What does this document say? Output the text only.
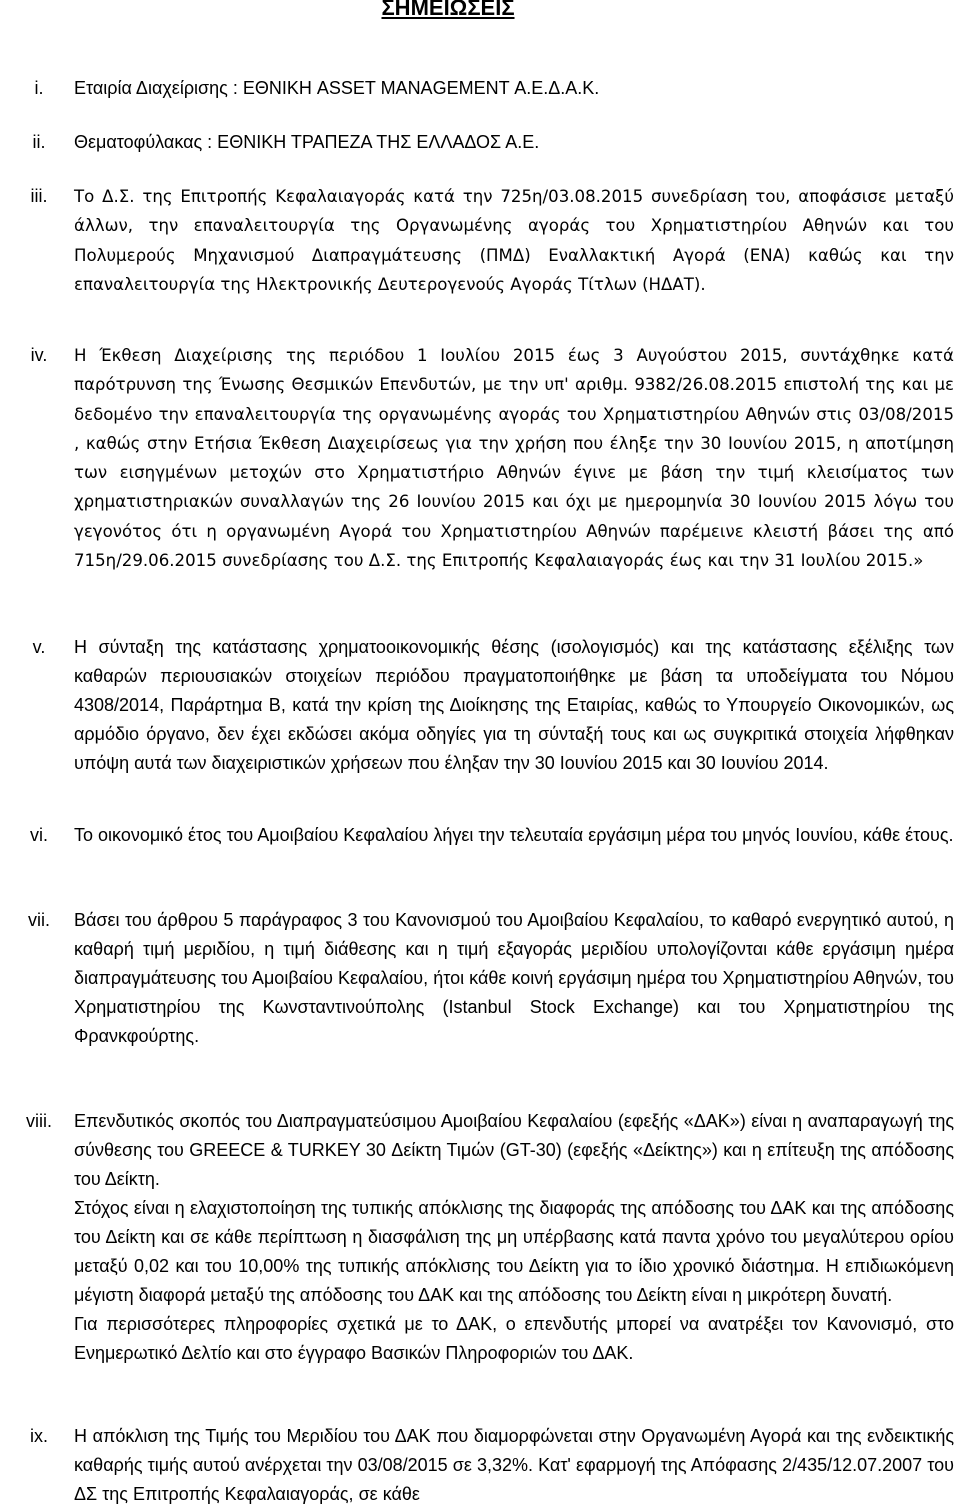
ΣΗΜΕΙΩΣΕΙΣ
i.	Εταιρία Διαχείρισης : ΕΘΝΙΚΗ ASSET MANAGEMENT Α.Ε.Δ.Α.Κ.
ii.	Θεματοφύλακας : ΕΘΝΙΚΗ ΤΡΑΠΕΖΑ ΤΗΣ ΕΛΛΑΔΟΣ Α.Ε.
iii.	Το Δ.Σ. της Επιτροπής Κεφαλαιαγοράς κατά την 725η/03.08.2015 συνεδρίαση του, αποφάσισε μεταξύ άλλων, την επαναλειτουργία της Οργανωμένης αγοράς του Χρηματιστηρίου Αθηνών και του Πολυμερούς Μηχανισμού Διαπραγμάτευσης (ΠΜΔ) Εναλλακτική Αγορά (ΕΝΑ) καθώς και την επαναλειτουργία της Ηλεκτρονικής Δευτερογενούς Αγοράς Τίτλων (ΗΔΑΤ).
iv.	Η Έκθεση Διαχείρισης της περιόδου 1 Ιουλίου 2015 έως 3 Αυγούστου 2015, συντάχθηκε κατά παρότρυνση της Ένωσης Θεσμικών Επενδυτών, με την υπ' αριθμ. 9382/26.08.2015 επιστολή της και με δεδομένο την επαναλειτουργία της οργανωμένης αγοράς του Χρηματιστηρίου Αθηνών στις 03/08/2015 , καθώς στην Ετήσια Έκθεση Διαχειρίσεως για την χρήση που έληξε την 30 Ιουνίου 2015, η αποτίμηση των εισηγμένων μετοχών στο Χρηματιστήριο Αθηνών έγινε με βάση την τιμή κλεισίματος των χρηματιστηριακών συναλλαγών της 26 Ιουνίου 2015 και όχι με ημερομηνία 30 Ιουνίου 2015 λόγω του γεγονότος ότι η οργανωμένη Αγορά του Χρηματιστηρίου Αθηνών παρέμεινε κλειστή βάσει της από 715η/29.06.2015 συνεδρίασης του Δ.Σ. της Επιτροπής Κεφαλαιαγοράς έως και την 31 Ιουλίου 2015.»
v.	Η σύνταξη της κατάστασης χρηματοοικονομικής θέσης (ισολογισμός) και της κατάστασης εξέλιξης των καθαρών περιουσιακών στοιχείων περιόδου πραγματοποιήθηκε με βάση τα υποδείγματα του Νόμου 4308/2014, Παράρτημα Β, κατά την κρίση της Διοίκησης της Εταιρίας, καθώς το Υπουργείο Οικονομικών, ως αρμόδιο όργανο, δεν έχει εκδώσει ακόμα οδηγίες για τη σύνταξή τους και ως συγκριτικά στοιχεία λήφθηκαν υπόψη αυτά των διαχειριστικών χρήσεων που έληξαν την 30 Ιουνίου 2015 και 30 Ιουνίου 2014.
vi.	Το οικονομικό έτος του Αμοιβαίου Κεφαλαίου λήγει την τελευταία εργάσιμη μέρα του μηνός Ιουνίου, κάθε έτους.
vii.	Βάσει του άρθρου 5 παράγραφος 3 του Κανονισμού του Αμοιβαίου Κεφαλαίου, το καθαρό ενεργητικό αυτού, η καθαρή τιμή μεριδίου, η τιμή διάθεσης και η τιμή εξαγοράς μεριδίου υπολογίζονται κάθε εργάσιμη ημέρα διαπραγμάτευσης του Αμοιβαίου Κεφαλαίου, ήτοι κάθε κοινή εργάσιμη ημέρα του Χρηματιστηρίου Αθηνών, του Χρηματιστηρίου της Κωνσταντινούπολης (Istanbul Stock Exchange) και του Χρηματιστηρίου της Φρανκφούρτης.
viii.	Επενδυτικός σκοπός του Διαπραγματεύσιμου Αμοιβαίου Κεφαλαίου (εφεξής «ΔΑΚ») είναι η αναπαραγωγή της σύνθεσης του GREECE & TURKEY 30 Δείκτη Τιμών (GT-30) (εφεξής «Δείκτης») και η επίτευξη της απόδοσης του Δείκτη.

Στόχος είναι η ελαχιστοποίηση της τυπικής απόκλισης της διαφοράς της απόδοσης του ΔΑΚ και της απόδοσης του Δείκτη και σε κάθε περίπτωση η διασφάλιση της μη υπέρβασης κατά παντα χρόνο του μεγαλύτερου ορίου μεταξύ 0,02 και του 10,00% της τυπικής απόκλισης του Δείκτη για το ίδιο χρονικό διάστημα. Η επιδιωκόμενη μέγιστη διαφορά μεταξύ της απόδοσης του ΔΑΚ και της απόδοσης του Δείκτη είναι η μικρότερη δυνατή.

Για περισσότερες πληροφορίες σχετικά με το ΔΑΚ, ο επενδυτής μπορεί να ανατρέξει τον Κανονισμό, στο Ενημερωτικό Δελτίο και στο έγγραφο Βασικών Πληροφοριών του ΔΑΚ.

ix.	Η απόκλιση της Τιμής του Μεριδίου του ΔΑΚ που διαμορφώνεται στην Οργανωμένη Αγορά και της ενδεικτικής καθαρής τιμής αυτού ανέρχεται την 03/08/2015 σε 3,32%. Κατ' εφαρμογή της Απόφασης 2/435/12.07.2007 του ΔΣ της Επιτροπής Κεφαλαιαγοράς, σε κάθε
